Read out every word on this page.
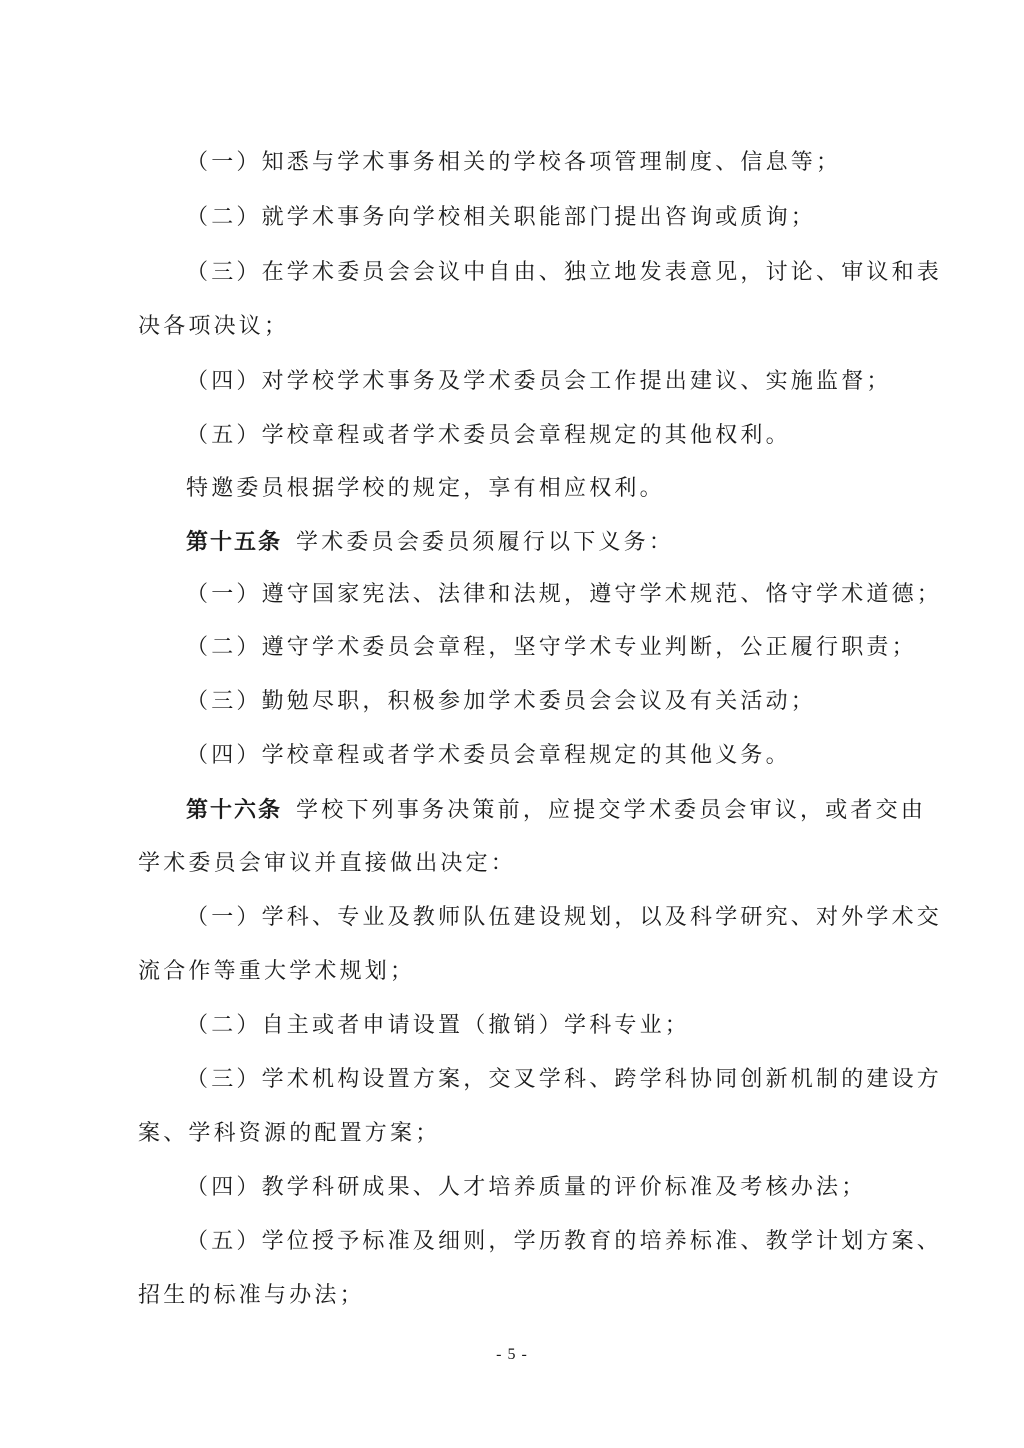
（一）知悉与学术事务相关的学校各项管理制度、信息等；

（二）就学术事务向学校相关职能部门提出咨询或质询；

（三）在学术委员会会议中自由、独立地发表意见，讨论、审议和表

决各项决议；

（四）对学校学术事务及学术委员会工作提出建议、实施监督；

（五）学校章程或者学术委员会章程规定的其他权利。

特邀委员根据学校的规定，享有相应权利。

第十五条 学术委员会委员须履行以下义务：

（一）遵守国家宪法、法律和法规，遵守学术规范、恪守学术道德；

（二）遵守学术委员会章程，坚守学术专业判断，公正履行职责；

（三）勤勉尽职，积极参加学术委员会会议及有关活动；

（四）学校章程或者学术委员会章程规定的其他义务。

第十六条 学校下列事务决策前，应提交学术委员会审议，或者交由

学术委员会审议并直接做出决定：

（一）学科、专业及教师队伍建设规划，以及科学研究、对外学术交

流合作等重大学术规划；

（二）自主或者申请设置（撤销）学科专业；

（三）学术机构设置方案，交叉学科、跨学科协同创新机制的建设方

案、学科资源的配置方案；

（四）教学科研成果、人才培养质量的评价标准及考核办法；

（五）学位授予标准及细则，学历教育的培养标准、教学计划方案、

招生的标准与办法；

- 5 -
